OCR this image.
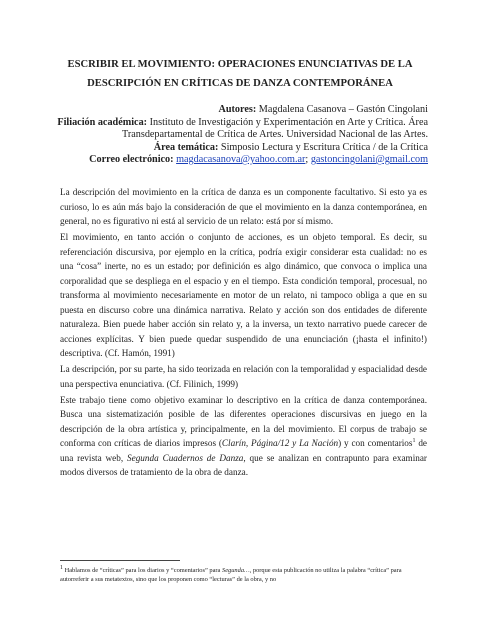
ESCRIBIR EL MOVIMIENTO: OPERACIONES ENUNCIATIVAS DE LA
DESCRIPCIÓN EN CRÍTICAS DE DANZA CONTEMPORÁNEA
Autores: Magdalena Casanova – Gastón Cingolani
Filiación académica: Instituto de Investigación y Experimentación en Arte y Crítica. Área
Transdepartamental de Crítica de Artes. Universidad Nacional de las Artes.
Área temática: Simposio Lectura y Escritura Crítica / de la Crítica
Correo electrónico: magdacasanova@yahoo.com.ar; gastoncingolani@gmail.com

La descripción del movimiento en la crítica de danza es un componente facultativo. Si esto ya es curioso, lo es aún más bajo la consideración de que el movimiento en la danza contemporánea, en general, no es figurativo ni está al servicio de un relato: está por sí mismo.

El movimiento, en tanto acción o conjunto de acciones, es un objeto temporal. Es decir, su referenciación discursiva, por ejemplo en la crítica, podría exigir considerar esta cualidad: no es una “cosa” inerte, no es un estado; por definición es algo dinámico, que convoca o implica una corporalidad que se despliega en el espacio y en el tiempo. Esta condición temporal, procesual, no transforma al movimiento necesariamente en motor de un relato, ni tampoco obliga a que en su puesta en discurso cobre una dinámica narrativa. Relato y acción son dos entidades de diferente naturaleza. Bien puede haber acción sin relato y, a la inversa, un texto narrativo puede carecer de acciones explícitas. Y bien puede quedar suspendido de una enunciación (¡hasta el infinito!) descriptiva. (Cf. Hamón, 1991)

La descripción, por su parte, ha sido teorizada en relación con la temporalidad y espacialidad desde una perspectiva enunciativa. (Cf. Filinich, 1999)

Este trabajo tiene como objetivo examinar lo descriptivo en la crítica de danza contemporánea. Busca una sistematización posible de las diferentes operaciones discursivas en juego en la descripción de la obra artística y, principalmente, en la del movimiento. El corpus de trabajo se conforma con críticas de diarios impresos (Clarín, Página/12 y La Nación) y con comentarios$^1$ de una revista web, Segunda Cuadernos de Danza, que se analizan en contrapunto para examinar modos diversos de tratamiento de la obra de danza.

1 Hablamos de “críticas” para los diarios y “comentarios” para Segunda…, porque esta publicación no utiliza la palabra “crítica” para autorreferir a sus metatextos, sino que los proponen como “lecturas” de la obra, y no
